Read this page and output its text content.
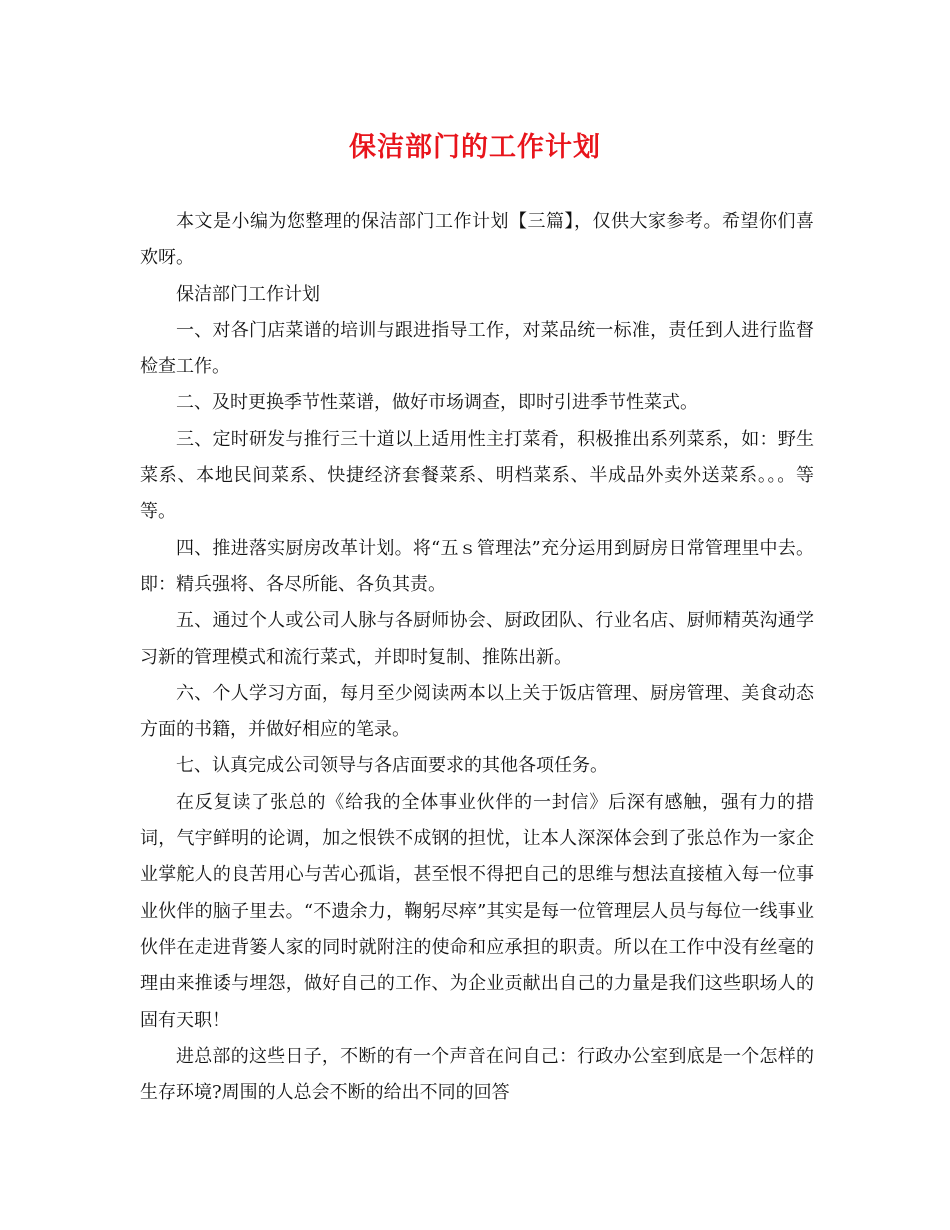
保洁部门的工作计划

本文是小编为您整理的保洁部门工作计划【三篇】，仅供大家参考。希望你们喜欢呀。

保洁部门工作计划

一、对各门店菜谱的培训与跟进指导工作，对菜品统一标准，责任到人进行监督检查工作。

二、及时更换季节性菜谱，做好市场调查，即时引进季节性菜式。

三、定时研发与推行三十道以上适用性主打菜肴，积极推出系列菜系，如：野生菜系、本地民间菜系、快捷经济套餐菜系、明档菜系、半成品外卖外送菜系。。。等等。

四、推进落实厨房改革计划。将“五ｓ管理法”充分运用到厨房日常管理里中去。即：精兵强将、各尽所能、各负其责。

五、通过个人或公司人脉与各厨师协会、厨政团队、行业名店、厨师精英沟通学习新的管理模式和流行菜式，并即时复制、推陈出新。

六、个人学习方面，每月至少阅读两本以上关于饭店管理、厨房管理、美食动态方面的书籍，并做好相应的笔录。

七、认真完成公司领导与各店面要求的其他各项任务。

在反复读了张总的《给我的全体事业伙伴的一封信》后深有感触，强有力的措词，气宇鲜明的论调，加之恨铁不成钢的担忧，让本人深深体会到了张总作为一家企业掌舵人的良苦用心与苦心孤诣，甚至恨不得把自己的思维与想法直接植入每一位事业伙伴的脑子里去。“不遗余力，鞠躬尽瘁”其实是每一位管理层人员与每位一线事业伙伴在走进背篓人家的同时就附注的使命和应承担的职责。所以在工作中没有丝毫的理由来推诿与埋怨，做好自己的工作、为企业贡献出自己的力量是我们这些职场人的固有天职！

进总部的这些日子，不断的有一个声音在问自己：行政办公室到底是一个怎样的生存环境?周围的人总会不断的给出不同的回答
